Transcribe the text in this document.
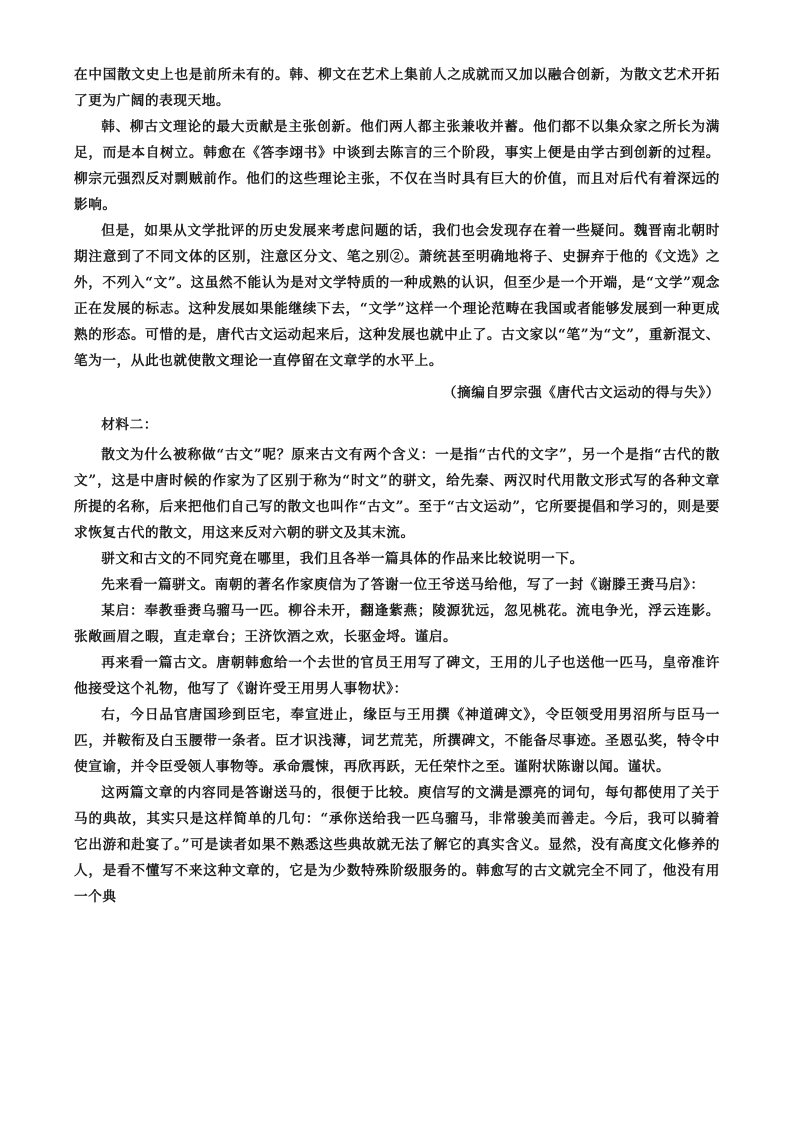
在中国散文史上也是前所未有的。韩、柳文在艺术上集前人之成就而又加以融合创新，为散文艺术开拓了更为广阔的表现天地。

韩、柳古文理论的最大贡献是主张创新。他们两人都主张兼收并蓄。他们都不以集众家之所长为满足，而是本自树立。韩愈在《答李翊书》中谈到去陈言的三个阶段，事实上便是由学古到创新的过程。柳宗元强烈反对剽贼前作。他们的这些理论主张，不仅在当时具有巨大的价值，而且对后代有着深远的影响。

但是，如果从文学批评的历史发展来考虑问题的话，我们也会发现存在着一些疑问。魏晋南北朝时期注意到了不同文体的区别，注意区分文、笔之别②。萧统甚至明确地将子、史摒弃于他的《文选》之外，不列入“文”。这虽然不能认为是对文学特质的一种成熟的认识，但至少是一个开端，是“文学”观念正在发展的标志。这种发展如果能继续下去，“文学”这样一个理论范畴在我国或者能够发展到一种更成熟的形态。可惜的是，唐代古文运动起来后，这种发展也就中止了。古文家以“笔”为“文”，重新混文、笔为一，从此也就使散文理论一直停留在文章学的水平上。

（摘编自罗宗强《唐代古文运动的得与失》）

材料二：

散文为什么被称做“古文”呢？原来古文有两个含义：一是指“古代的文字”，另一个是指“古代的散文”，这是中唐时候的作家为了区别于称为“时文”的骈文，给先秦、两汉时代用散文形式写的各种文章所提的名称，后来把他们自己写的散文也叫作“古文”。至于“古文运动”，它所要提倡和学习的，则是要求恢复古代的散文，用这来反对六朝的骈文及其末流。

骈文和古文的不同究竟在哪里，我们且各举一篇具体的作品来比较说明一下。

先来看一篇骈文。南朝的著名作家庾信为了答谢一位王爷送马给他，写了一封《谢滕王赉马启》：

某启：奉教垂赉乌骝马一匹。柳谷未开，翻逢紫燕；陵源犹远，忽见桃花。流电争光，浮云连影。张敞画眉之暇，直走章台；王济饮酒之欢，长驱金埒。谨启。

再来看一篇古文。唐朝韩愈给一个去世的官员王用写了碑文，王用的儿子也送他一匹马，皇帝准许他接受这个礼物，他写了《谢许受王用男人事物状》：

右，今日品官唐国珍到臣宅，奉宣进止，缘臣与王用撰《神道碑文》，令臣领受用男沼所与臣马一匹，并鞍衔及白玉腰带一条者。臣才识浅薄，词艺荒芜，所撰碑文，不能备尽事迹。圣恩弘奖，特令中使宣谕，并令臣受领人事物等。承命震悚，再欣再跃，无任荣忭之至。谨附状陈谢以闻。谨状。

这两篇文章的内容同是答谢送马的，很便于比较。庾信写的文满是漂亮的词句，每句都使用了关于马的典故，其实只是这样简单的几句：“承你送给我一匹乌骝马，非常骏美而善走。今后，我可以骑着它出游和赴宴了。”可是读者如果不熟悉这些典故就无法了解它的真实含义。显然，没有高度文化修养的人，是看不懂写不来这种文章的，它是为少数特殊阶级服务的。韩愈写的古文就完全不同了，他没有用一个典
